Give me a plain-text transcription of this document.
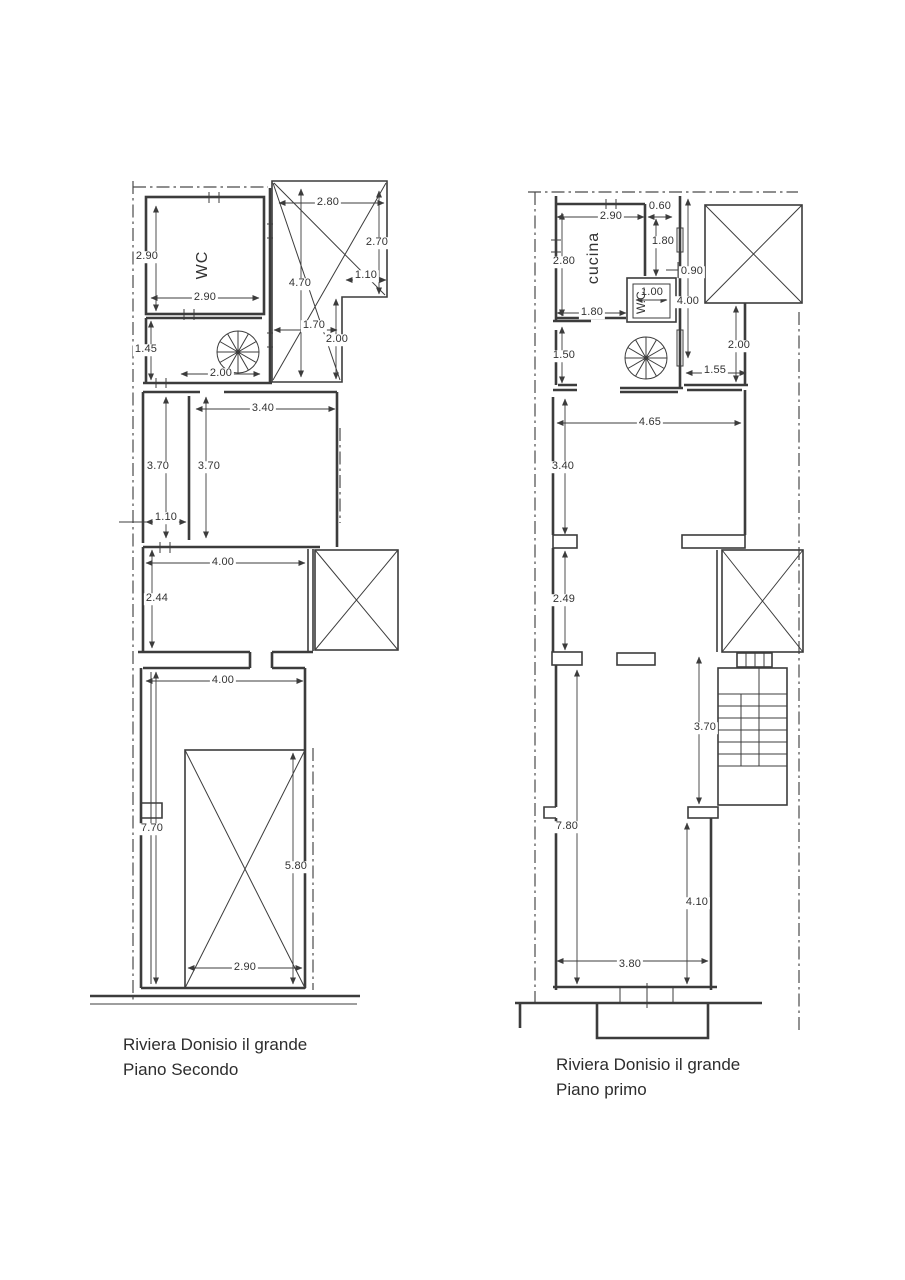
2.90
2.90
2.80
2.70
4.70
1.10
1.70
2.00
1.45
2.00
3.40
3.70	3.70
1.10
4.00
2.44
4.00
7.70
5.80
2.90
WC
2.90
0.60
2.80
1.80
0.90
1.00
4.00
1.80
1.50
2.00
1.55
4.65
3.40
2.49
3.70
7.80
4.10
3.80
cucina
W.C.
Riviera Donisio il grande
Piano Secondo	Riviera Donisio il grande
Piano primo
